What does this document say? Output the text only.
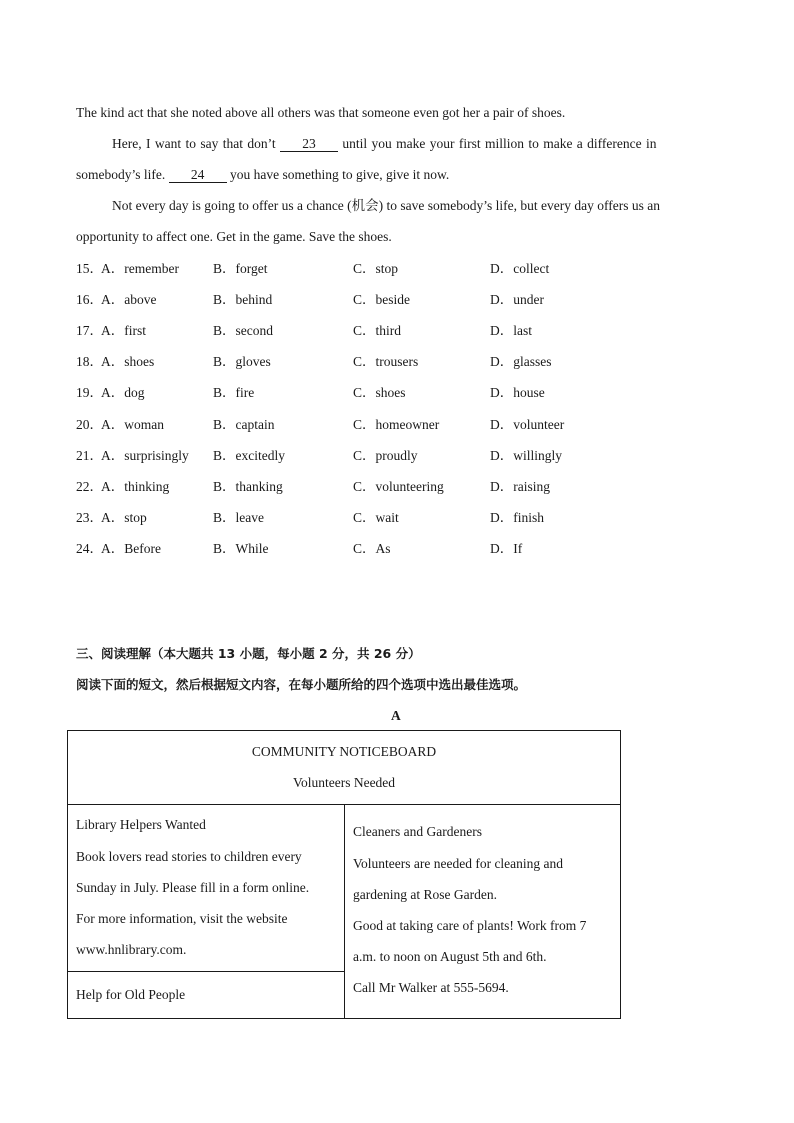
The kind act that she noted above all others was that someone even got her a pair of shoes.
Here, I want to say that don’t 23 until you make your first million to make a difference in
somebody’s life. 24 you have something to give, give it now.
Not every day is going to offer us a chance (机会) to save somebody’s life, but every day offers us an
opportunity to affect one. Get in the game. Save the shoes.
15．
A．remember	B．forget	C．stop	D．collect
16．
A．above	B．behind	C．beside	D．under
17．
A．first	B．second	C．third	D．last
18．
A．shoes	B．gloves	C．trousers	D．glasses
19．
A．dog	B．fire	C．shoes	D．house
20．
A．woman	B．captain	C．homeowner	D．volunteer
21．
A．surprisingly B．excitedly	C．proudly	D．willingly
22．
A．thinking	B．thanking	C．volunteering	D．raising
23．
A．stop	B．leave	C．wait	D．finish
24．
A．Before	B．While	C．As	D．If
三、阅读理解（本大题共 13 小题，每小题 2 分，共 26 分）
阅读下面的短文，然后根据短文内容，在每小题所给的四个选项中选出最佳选项。
A
COMMUNITY NOTICEBOARD
Volunteers Needed
Library Helpers Wanted
Book lovers read stories to children every
Sunday in July. Please fill in a form online.
For more information, visit the website
www.hnlibrary.com.
Help for Old People
Cleaners and Gardeners
Volunteers are needed for cleaning and
gardening at Rose Garden.
Good at taking care of plants! Work from 7
a.m. to noon on August 5th and 6th.
Call Mr Walker at 555-5694.
